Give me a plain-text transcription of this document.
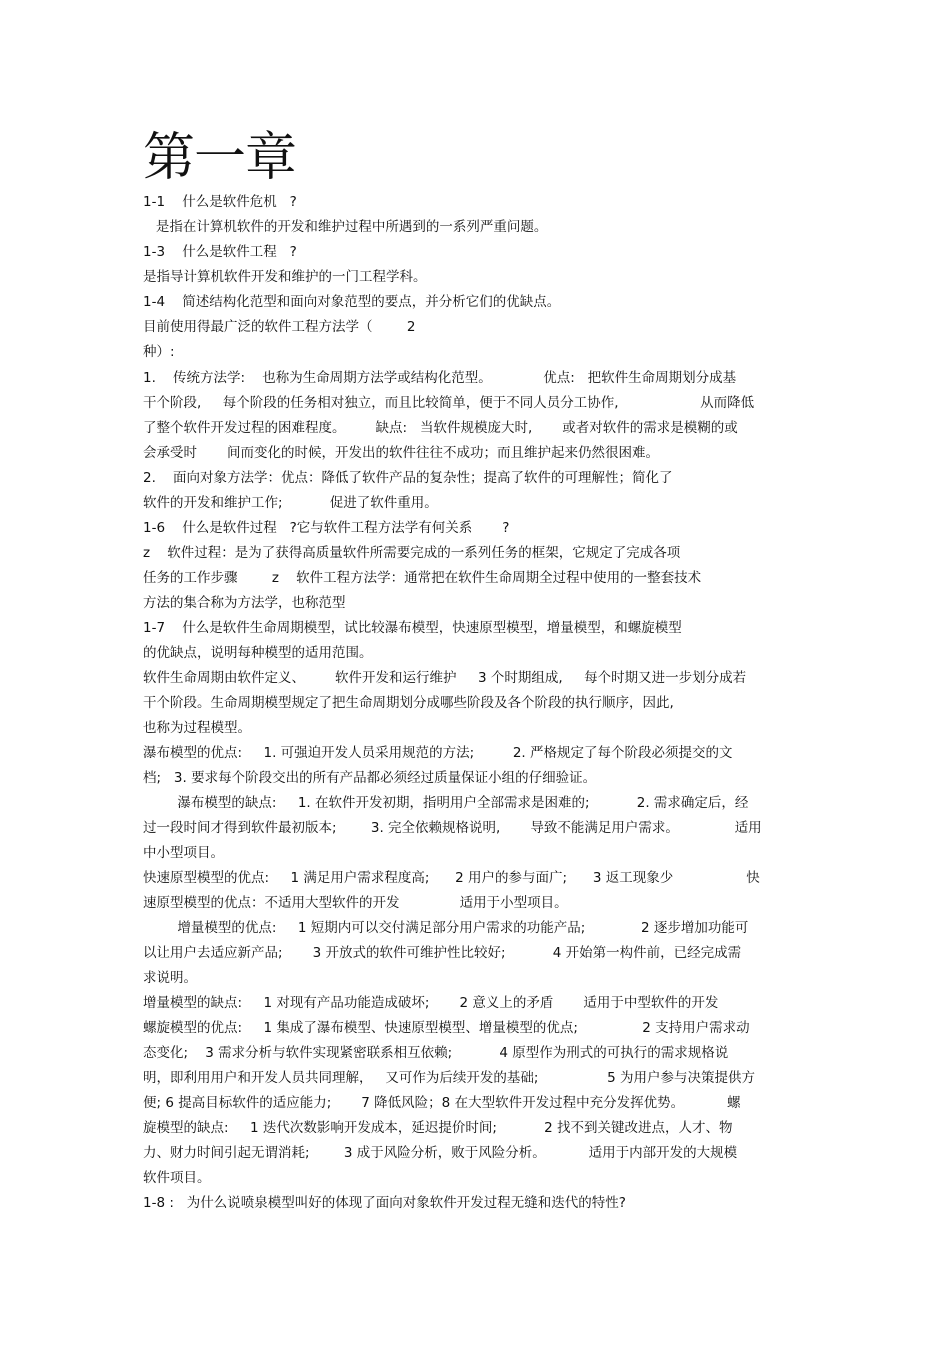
第一章
1-1    什么是软件危机   ?
是指在计算机软件的开发和维护过程中所遇到的一系列严重问题。
1-3    什么是软件工程   ?
是指导计算机软件开发和维护的一门工程学科。
1-4    简述结构化范型和面向对象范型的要点，并分析它们的优缺点。
目前使用得最广泛的软件工程方法学（        2
种）:
1.    传统方法学:    也称为生命周期方法学或结构化范型。            优点:   把软件生命周期划分成基
干个阶段,     每个阶段的任务相对独立，而且比较简单，便于不同人员分工协作,                   从而降低
了整个软件开发过程的困难程度。       缺点:   当软件规模庞大时,       或者对软件的需求是模糊的或
会承受时       间而变化的时候，开发出的软件往往不成功；而且维护起来仍然很困难。
2.    面向对象方法学：优点：降低了软件产品的复杂性；提高了软件的可理解性；简化了
软件的开发和维护工作;           促进了软件重用。
1-6    什么是软件过程   ?它与软件工程方法学有何关系       ?
z    软件过程：是为了获得高质量软件所需要完成的一系列任务的框架，它规定了完成各项
任务的工作步骤        z    软件工程方法学：通常把在软件生命周期全过程中使用的一整套技术
方法的集合称为方法学，也称范型
1-7    什么是软件生命周期模型，试比较瀑布模型，快速原型模型，增量模型，和螺旋模型
的优缺点，说明每种模型的适用范围。
软件生命周期由软件定义、       软件开发和运行维护     3 个时期组成,     每个时期又进一步划分成若
干个阶段。生命周期模型规定了把生命周期划分成哪些阶段及各个阶段的执行顺序，因此,
也称为过程模型。
瀑布模型的优点:     1. 可强迫开发人员采用规范的方法;         2. 严格规定了每个阶段必须提交的文
档;   3. 要求每个阶段交出的所有产品都必须经过质量保证小组的仔细验证。
瀑布模型的缺点:     1. 在软件开发初期，指明用户全部需求是困难的;           2. 需求确定后，经
过一段时间才得到软件最初版本;        3. 完全依赖规格说明,       导致不能满足用户需求。             适用
中小型项目。
快速原型模型的优点:     1 满足用户需求程度高;      2 用户的参与面广;      3 返工现象少                 快
速原型模型的优点：不适用大型软件的开发              适用于小型项目。
增量模型的优点:     1 短期内可以交付满足部分用户需求的功能产品;             2 逐步增加功能可
以让用户去适应新产品;       3 开放式的软件可维护性比较好;           4 开始第一构件前，已经完成需
求说明。
增量模型的缺点:     1 对现有产品功能造成破坏;       2 意义上的矛盾       适用于中型软件的开发
螺旋模型的优点:     1 集成了瀑布模型、快速原型模型、增量模型的优点;               2 支持用户需求动
态变化;    3 需求分析与软件实现紧密联系相互依赖;           4 原型作为刑式的可执行的需求规格说
明，即利用用户和开发人员共同理解，   又可作为后续开发的基础;                5 为用户参与决策提供方
便; 6 提高目标软件的适应能力;       7 降低风险；8 在大型软件开发过程中充分发挥优势。          螺
旋模型的缺点:     1 迭代次数影响开发成本，延迟提价时间;           2 找不到关键改进点，人才、物
力、财力时间引起无谓消耗;        3 成于风险分析，败于风险分析。          适用于内部开发的大规模
软件项目。
1-8 :   为什么说喷泉模型叫好的体现了面向对象软件开发过程无缝和迭代的特性?
